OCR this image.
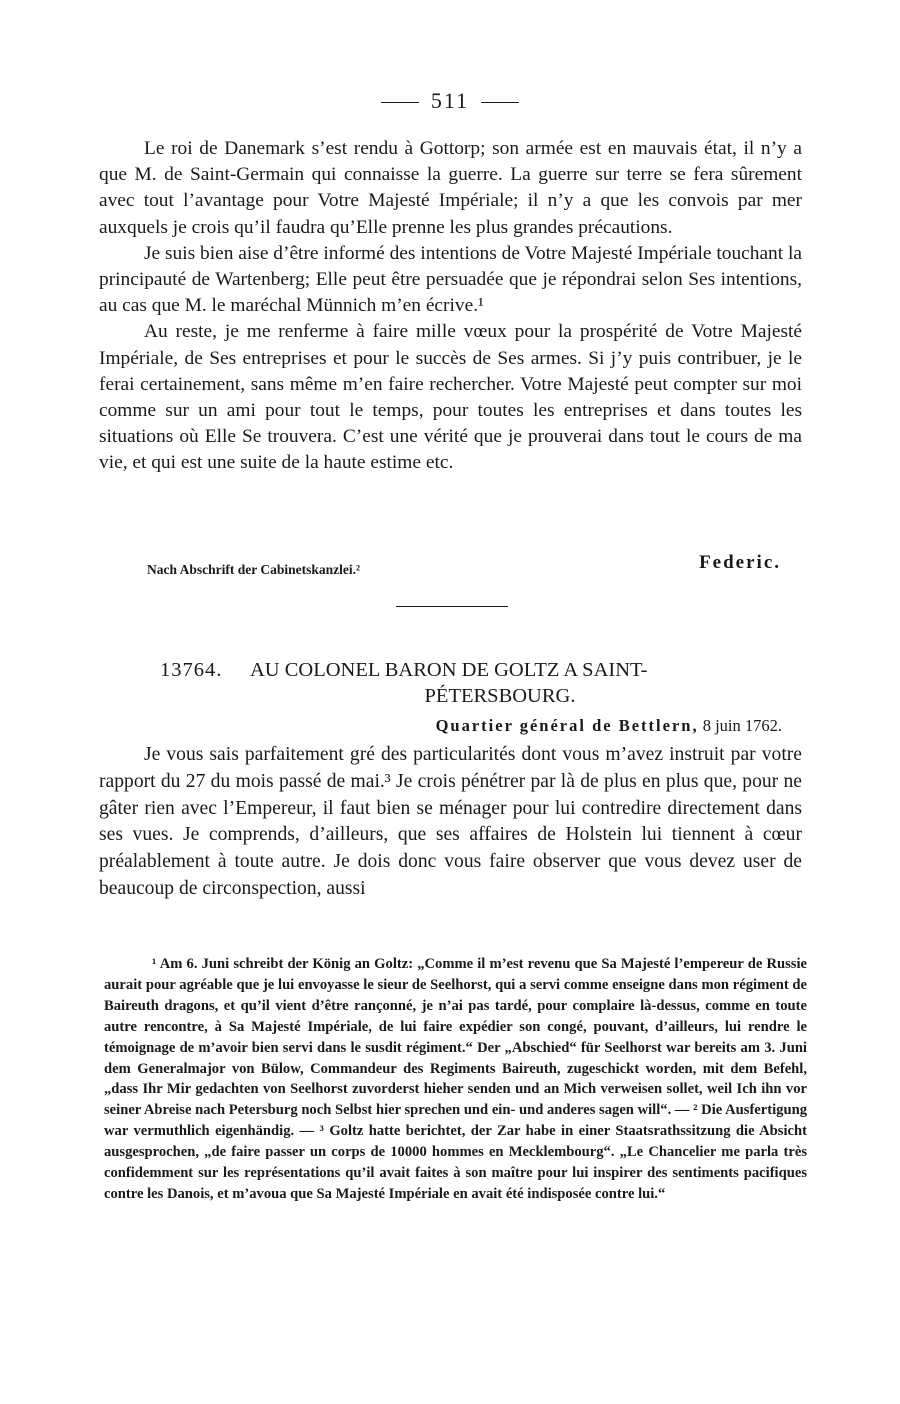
511

Le roi de Danemark s’est rendu à Gottorp; son armée est en mauvais état, il n’y a que M. de Saint-Germain qui connaisse la guerre. La guerre sur terre se fera sûrement avec tout l’avantage pour Votre Majesté Impériale; il n’y a que les convois par mer auxquels je crois qu’il faudra qu’Elle prenne les plus grandes précautions.

Je suis bien aise d’être informé des intentions de Votre Majesté Impériale touchant la principauté de Wartenberg; Elle peut être persuadée que je répondrai selon Ses intentions, au cas que M. le maréchal Münnich m’en écrive.¹

Au reste, je me renferme à faire mille vœux pour la prospérité de Votre Majesté Impériale, de Ses entreprises et pour le succès de Ses armes. Si j’y puis contribuer, je le ferai certainement, sans même m’en faire rechercher. Votre Majesté peut compter sur moi comme sur un ami pour tout le temps, pour toutes les entreprises et dans toutes les situations où Elle Se trouvera. C’est une vérité que je prouverai dans tout le cours de ma vie, et qui est une suite de la haute estime etc.

Nach Abschrift der Cabinetskanzlei.²	Federic.
13764. AU COLONEL BARON DE GOLTZ A SAINT-
PÉTERSBOURG.
Quartier général de Bettlern, 8 juin 1762.

Je vous sais parfaitement gré des particularités dont vous m’avez instruit par votre rapport du 27 du mois passé de mai.³ Je crois pénétrer par là de plus en plus que, pour ne gâter rien avec l’Empereur, il faut bien se ménager pour lui contredire directement dans ses vues. Je comprends, d’ailleurs, que ses affaires de Holstein lui tiennent à cœur préalablement à toute autre. Je dois donc vous faire observer que vous devez user de beaucoup de circonspection, aussi

¹ Am 6. Juni schreibt der König an Goltz: „Comme il m’est revenu que Sa Majesté l’empereur de Russie aurait pour agréable que je lui envoyasse le sieur de Seelhorst, qui a servi comme enseigne dans mon régiment de Baireuth dragons, et qu’il vient d’être rançonné, je n’ai pas tardé, pour complaire là-dessus, comme en toute autre rencontre, à Sa Majesté Impériale, de lui faire expédier son congé, pouvant, d’ailleurs, lui rendre le témoignage de m’avoir bien servi dans le susdit régiment.“ Der „Abschied“ für Seelhorst war bereits am 3. Juni dem Generalmajor von Bülow, Commandeur des Regiments Baireuth, zugeschickt worden, mit dem Befehl, „dass Ihr Mir gedachten von Seelhorst zuvorderst hieher senden und an Mich verweisen sollet, weil Ich ihn vor seiner Abreise nach Petersburg noch Selbst hier sprechen und ein- und anderes sagen will“. — ² Die Ausfertigung war vermuthlich eigenhändig. — ³ Goltz hatte berichtet, der Zar habe in einer Staatsrathssitzung die Absicht ausgesprochen, „de faire passer un corps de 10000 hommes en Mecklembourg“. „Le Chancelier me parla très confidemment sur les représentations qu’il avait faites à son maître pour lui inspirer des sentiments pacifiques contre les Danois, et m’avoua que Sa Majesté Impériale en avait été indisposée contre lui.“
